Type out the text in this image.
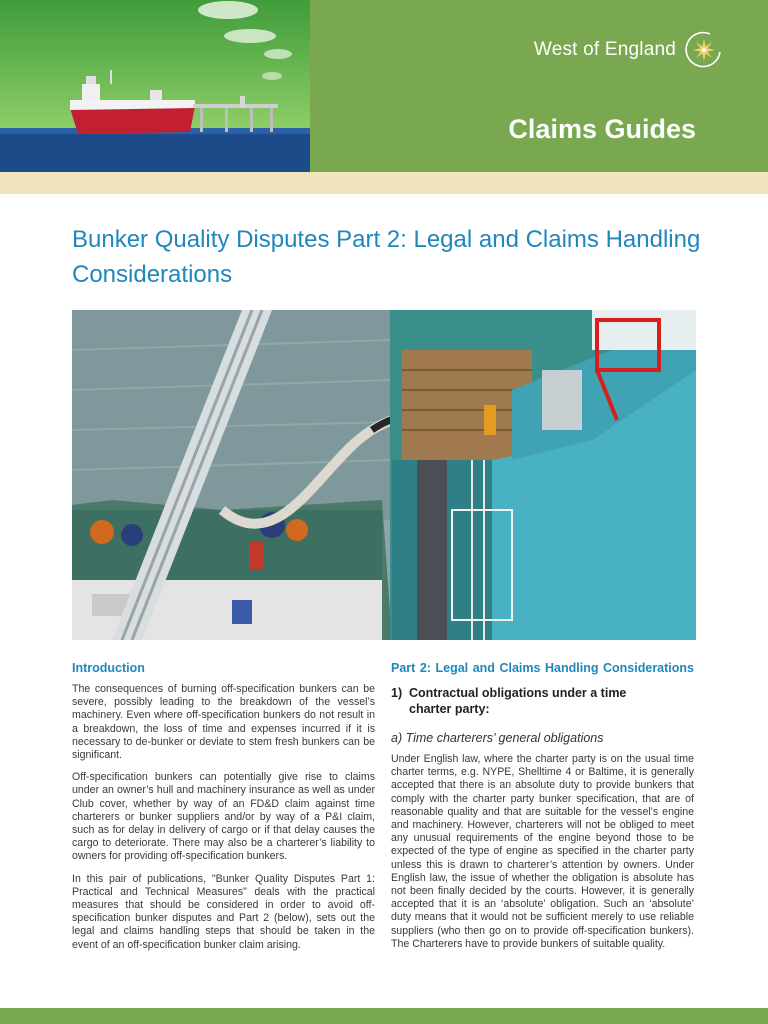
West of England
Claims Guides
Bunker Quality Disputes Part 2: Legal and Claims Handling Considerations
Introduction

The consequences of burning off-specification bunkers can be severe, possibly leading to the breakdown of the vessel’s machinery. Even where off-specification bunkers do not result in a breakdown, the loss of time and expenses incurred if it is necessary to de-bunker or deviate to stem fresh bunkers can be significant.

Off-specification bunkers can potentially give rise to claims under an owner’s hull and machinery insurance as well as under Club cover, whether by way of an FD&D claim against time charterers or bunker suppliers and/or by way of a P&I claim, such as for delay in delivery of cargo or if that delay causes the cargo to deteriorate. There may also be a charterer’s liability to owners for providing off-specification bunkers.

In this pair of publications, "Bunker Quality Disputes Part 1: Practical and Technical Measures" deals with the practical measures that should be considered in order to avoid off-specification bunker disputes and Part 2 (below), sets out the legal and claims handling steps that should be taken in the event of an off-specification bunker claim arising.

Part 2: Legal and Claims Handling Considerations
1) Contractual obligations under a time
charter party:
a) Time charterers’ general obligations

Under English law, where the charter party is on the usual time charter terms, e.g. NYPE, Shelltime 4 or Baltime, it is generally accepted that there is an absolute duty to provide bunkers that comply with the charter party bunker specification, that are of reasonable quality and that are suitable for the vessel’s engine and machinery. However, charterers will not be obliged to meet any unusual requirements of the engine beyond those to be expected of the type of engine as specified in the charter party unless this is drawn to charterer’s attention by owners. Under English law, the issue of whether the obligation is absolute has not been finally decided by the courts. However, it is generally accepted that it is an ‘absolute’ obligation. Such an ‘absolute’ duty means that it would not be sufficient merely to use reliable suppliers (who then go on to provide off-specification bunkers). The Charterers have to provide bunkers of suitable quality.
